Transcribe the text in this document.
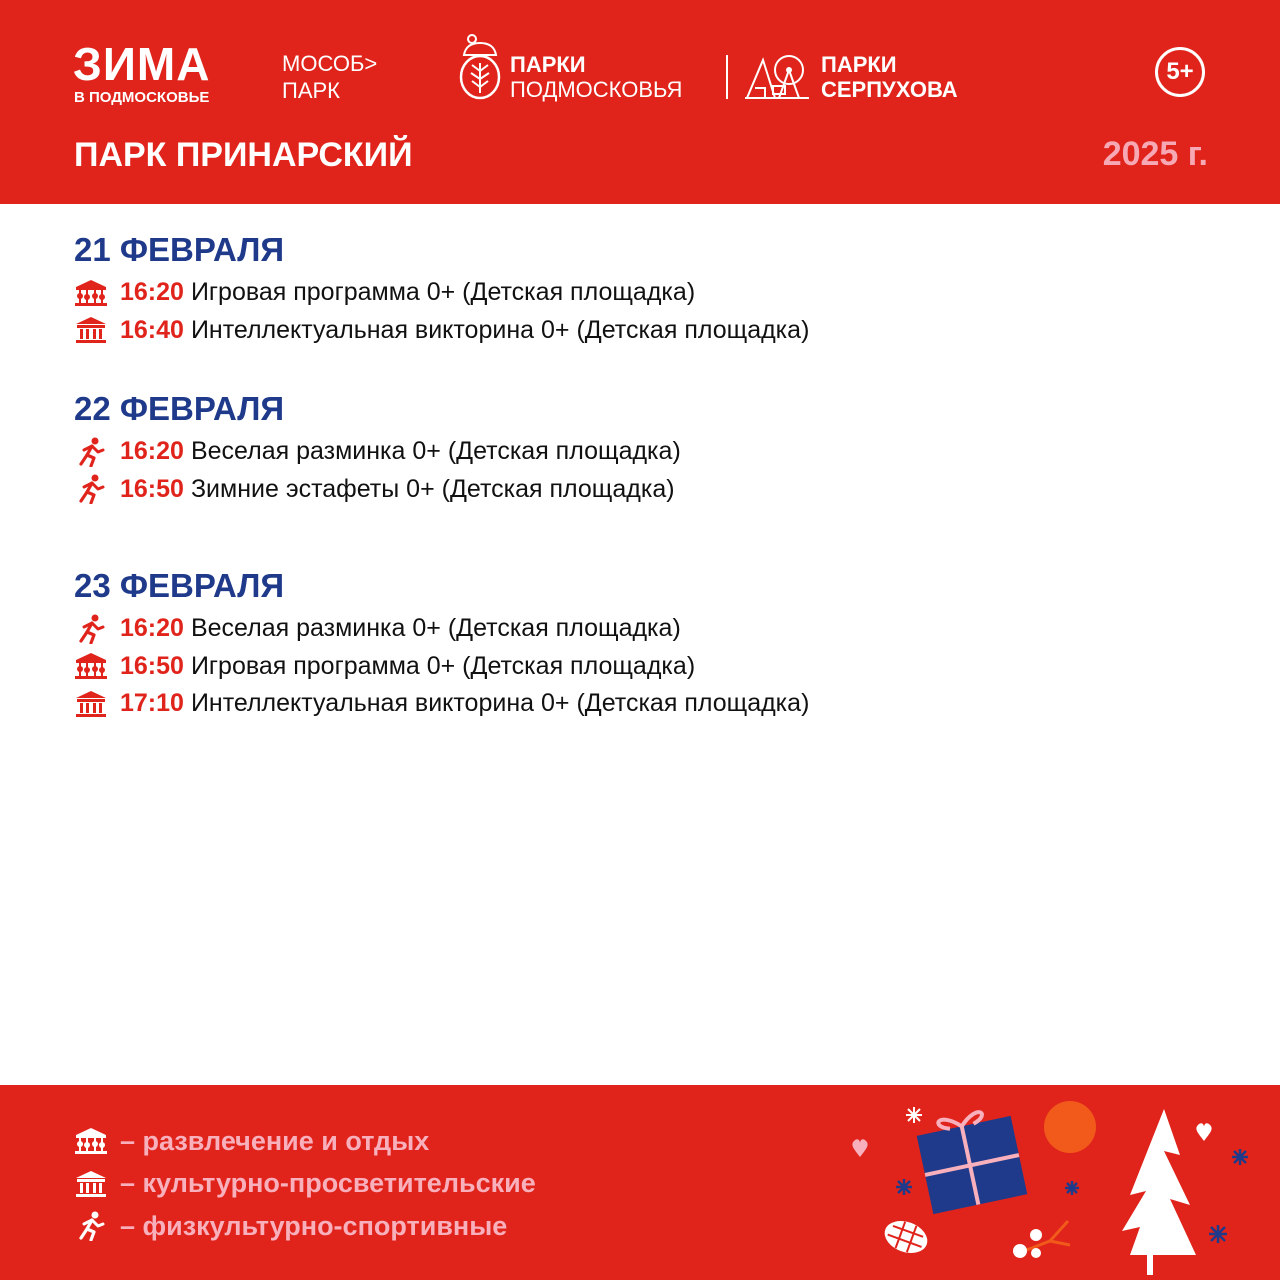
ЗИМА
В ПОДМОСКОВЬЕ
МОСОБ>
ПАРК
ПАРКИ
ПОДМОСКОВЬЯ
ПАРКИ
СЕРПУХОВА
5+
ПАРК ПРИНАРСКИЙ	2025 г.
21 ФЕВРАЛЯ
16:20 Игровая программа 0+ (Детская площадка)
16:40 Интеллектуальная викторина 0+ (Детская площадка)
22 ФЕВРАЛЯ
16:20 Веселая разминка 0+ (Детская площадка)
16:50 Зимние эстафеты 0+ (Детская площадка)
23 ФЕВРАЛЯ
16:20 Веселая разминка 0+ (Детская площадка)
16:50 Игровая программа 0+ (Детская площадка)
17:10 Интеллектуальная викторина 0+ (Детская площадка)
– развлечение и отдых
– культурно-просветительские
– физкультурно-спортивные
